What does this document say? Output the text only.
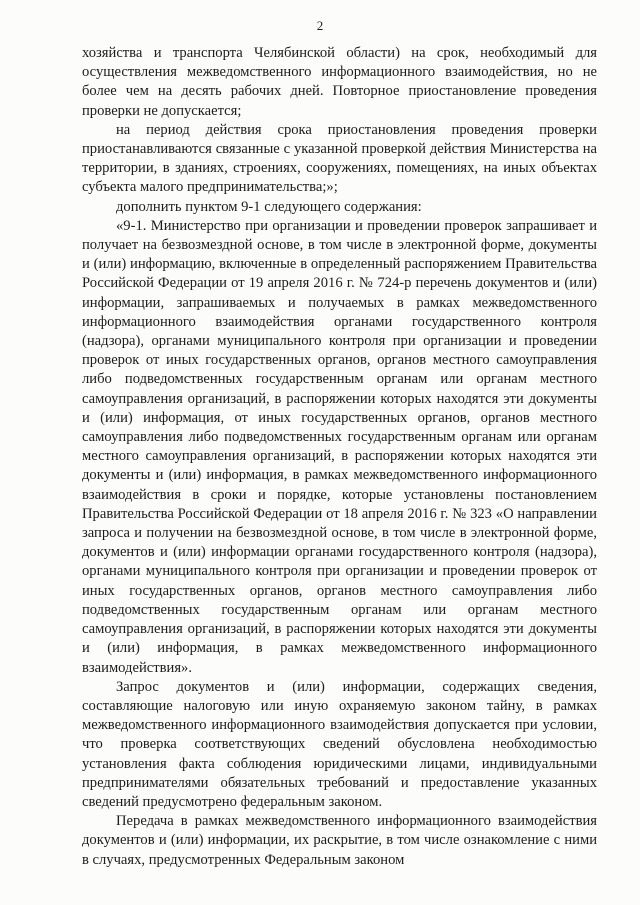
2

хозяйства и транспорта Челябинской области) на срок, необходимый для осуществления межведомственного информационного взаимодействия, но не более чем на десять рабочих дней. Повторное приостановление проведения проверки не допускается;

на период действия срока приостановления проведения проверки приостанавливаются связанные с указанной проверкой действия Министерства на территории, в зданиях, строениях, сооружениях, помещениях, на иных объектах субъекта малого предпринимательства;»;

дополнить пунктом 9-1 следующего содержания:

«9-1. Министерство при организации и проведении проверок запрашивает и получает на безвозмездной основе, в том числе в электронной форме, документы и (или) информацию, включенные в определенный распоряжением Правительства Российской Федерации от 19 апреля 2016 г. № 724-р перечень документов и (или) информации, запрашиваемых и получаемых в рамках межведомственного информационного взаимодействия органами государственного контроля (надзора), органами муниципального контроля при организации и проведении проверок от иных государственных органов, органов местного самоуправления либо подведомственных государственным органам или органам местного самоуправления организаций, в распоряжении которых находятся эти документы и (или) информация, от иных государственных органов, органов местного самоуправления либо подведомственных государственным органам или органам местного самоуправления организаций, в распоряжении которых находятся эти документы и (или) информация, в рамках межведомственного информационного взаимодействия в сроки и порядке, которые установлены постановлением Правительства Российской Федерации от 18 апреля 2016 г. № 323 «О направлении запроса и получении на безвозмездной основе, в том числе в электронной форме, документов и (или) информации органами государственного контроля (надзора), органами муниципального контроля при организации и проведении проверок от иных государственных органов, органов местного самоуправления либо подведомственных государственным органам или органам местного самоуправления организаций, в распоряжении которых находятся эти документы и (или) информация, в рамках межведомственного информационного взаимодействия».

Запрос документов и (или) информации, содержащих сведения, составляющие налоговую или иную охраняемую законом тайну, в рамках межведомственного информационного взаимодействия допускается при условии, что проверка соответствующих сведений обусловлена необходимостью установления факта соблюдения юридическими лицами, индивидуальными предпринимателями обязательных требований и предоставление указанных сведений предусмотрено федеральным законом.

Передача в рамках межведомственного информационного взаимодействия документов и (или) информации, их раскрытие, в том числе ознакомление с ними в случаях, предусмотренных Федеральным законом
